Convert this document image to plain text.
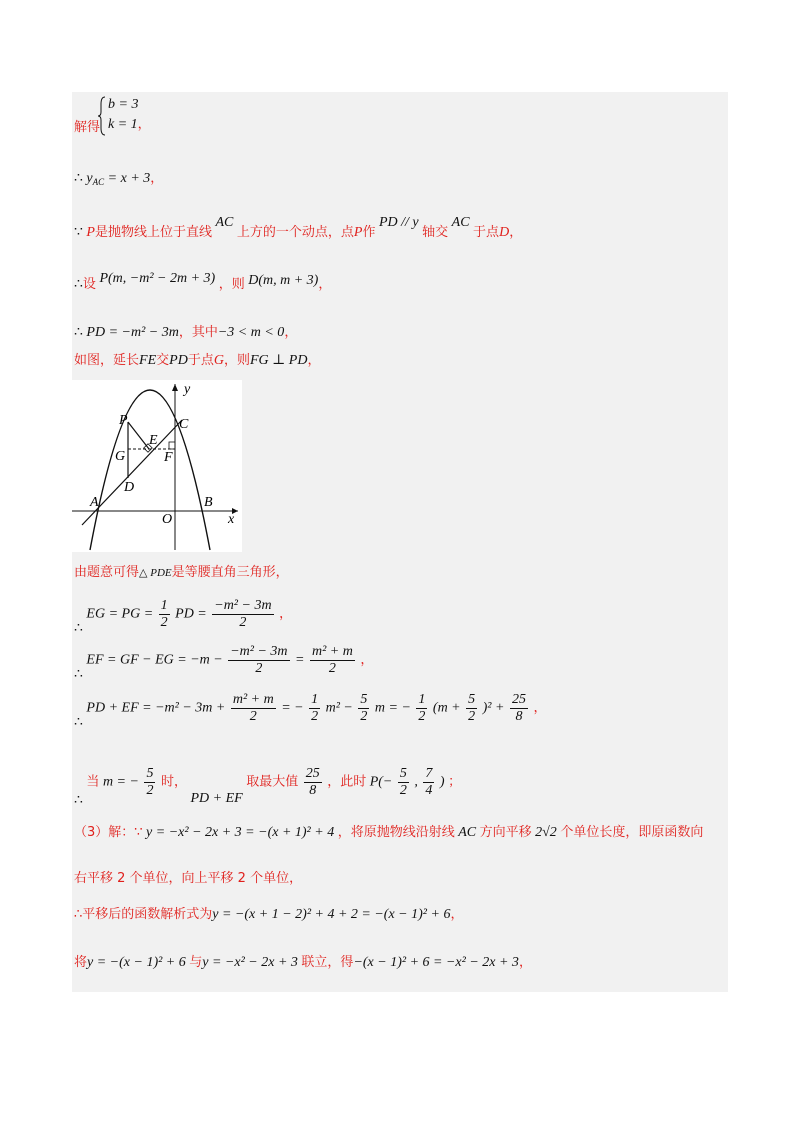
b = 3
k = 1，
解得
∴ $y_{AC} = x + 3$，
∵ P是抛物线上位于直线 AC 上方的一个动点，点P作 PD // y 轴交 AC 于点D，
∴设 P(m, −m² − 2m + 3) ，则 D(m, m + 3)，
∴ PD = −m² − 3m，其中−3 < m < 0，
如图，延长FE交PD于点G，则FG ⊥ PD，
y
x
P	C
E
G	F
D
A
O
B
由题意可得△ PDE是等腰直角三角形，
∴ EG = PG = $\frac{1}{2}$ PD = $\frac{\text{−m² − 3m}}{2}$ ，
∴ EF = GF − EG = $-m - \frac{\text{−m² − 3m}}{2} = \frac{\text{m² + m}}{2}$ ，
∴ PD + EF = $-m^2 - 3m + \frac{\text{m² + m}}{2}$ = − $\frac{1}{2} m^2 - \frac{5}{2}$ m = − $\frac{1}{2} (m + \frac{5}{2} )^2 + \frac{25}{8}$ ，
∴ 当 m = − $\frac{5}{2}$ 时， PD + EF 取最大值 $\frac{25}{8}$ ，此时 $P(- \frac{5}{2}$ , $\frac{7}{4}$ ) ；
（3）解：∵ y = −x² − 2x + 3 = −(x + 1)² + 4 ，将原抛物线沿射线 AC 方向平移 2√2 个单位长度，即原函数向
右平移 2 个单位，向上平移 2 个单位，
∴平移后的函数解析式为y = −(x + 1 − 2)² + 4 + 2 = −(x − 1)² + 6，
将y = −(x − 1)² + 6 与y = −x² − 2x + 3 联立，得−(x − 1)² + 6 = −x² − 2x + 3，
